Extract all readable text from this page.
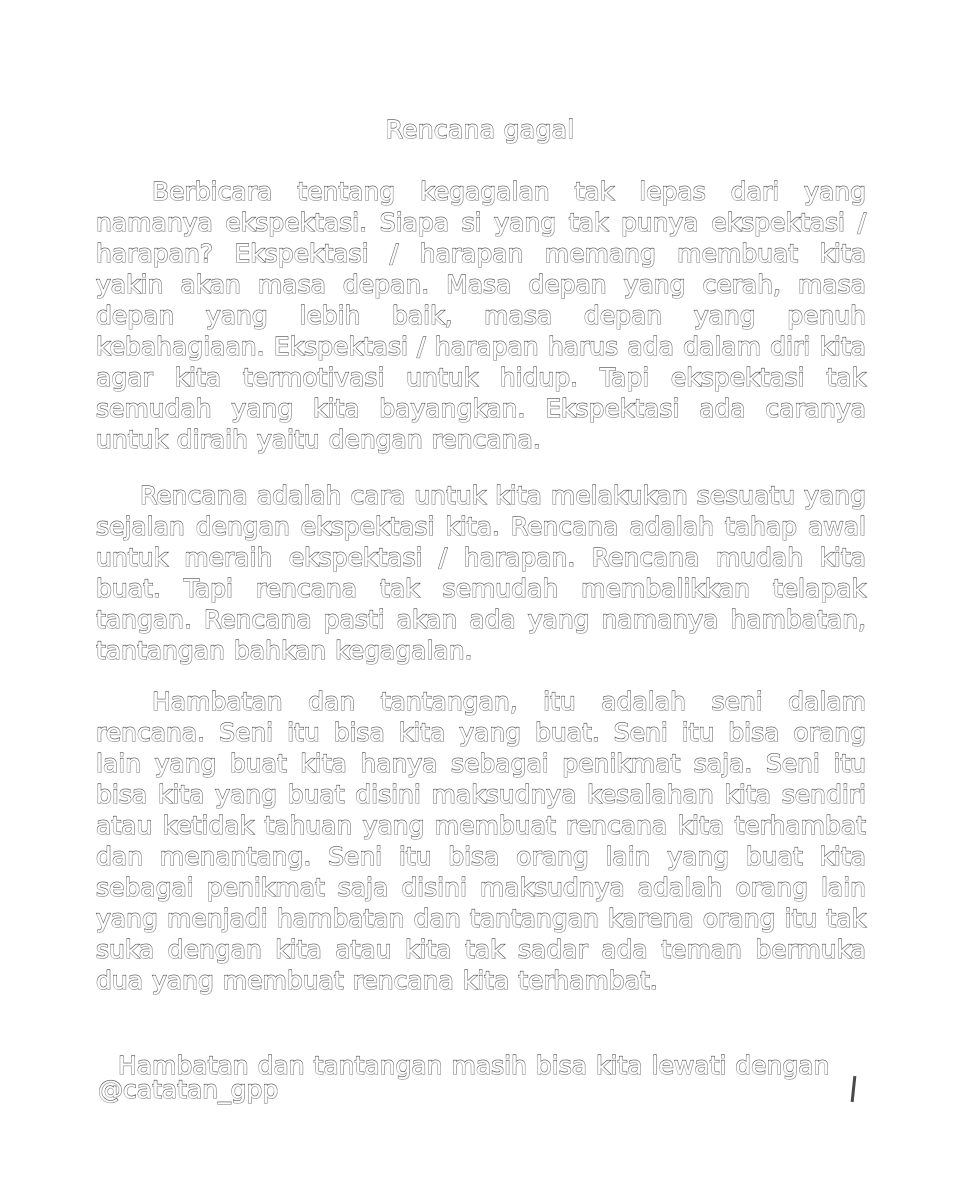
Rencana gagal

Berbicara tentang kegagalan tak lepas dari yang namanya ekspektasi. Siapa si yang tak punya ekspektasi / harapan? Ekspektasi / harapan memang membuat kita yakin akan masa depan. Masa depan yang cerah, masa depan yang lebih baik, masa depan yang penuh kebahagiaan. Ekspektasi / harapan harus ada dalam diri kita agar kita termotivasi untuk hidup. Tapi ekspektasi tak semudah yang kita bayangkan. Ekspektasi ada caranya untuk diraih yaitu dengan rencana.

Rencana adalah cara untuk kita melakukan sesuatu yang sejalan dengan ekspektasi kita. Rencana adalah tahap awal untuk meraih ekspektasi / harapan. Rencana mudah kita buat. Tapi rencana tak semudah membalikkan telapak tangan. Rencana pasti akan ada yang namanya hambatan, tantangan bahkan kegagalan.

Hambatan dan tantangan, itu adalah seni dalam rencana. Seni itu bisa kita yang buat. Seni itu bisa orang lain yang buat kita hanya sebagai penikmat saja. Seni itu bisa kita yang buat disini maksudnya kesalahan kita sendiri atau ketidak tahuan yang membuat rencana kita terhambat dan menantang. Seni itu bisa orang lain yang buat kita sebagai penikmat saja disini maksudnya adalah orang lain yang menjadi hambatan dan tantangan karena orang itu tak suka dengan kita atau kita tak sadar ada teman bermuka dua yang membuat rencana kita terhambat.

Hambatan dan tantangan masih bisa kita lewati dengan

@catatan_gpp
